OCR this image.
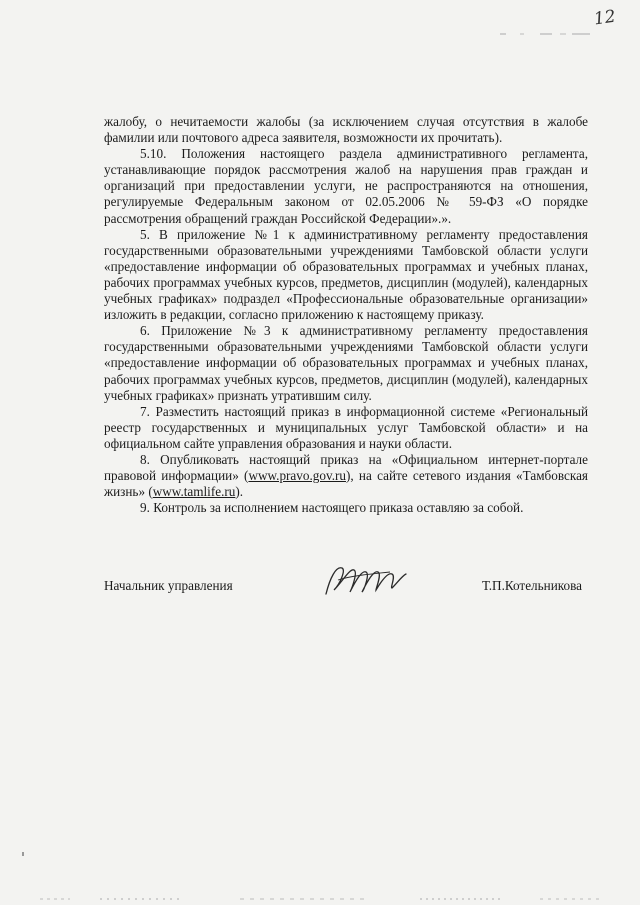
12

жалобу, о нечитаемости жалобы (за исключением случая отсутствия в жалобе фамилии или почтового адреса заявителя, возможности их прочитать).

5.10. Положения настоящего раздела административного регламента, устанавливающие порядок рассмотрения жалоб на нарушения прав граждан и организаций при предоставлении услуги, не распространяются на отношения, регулируемые Федеральным законом от 02.05.2006 № 59-ФЗ «О порядке рассмотрения обращений граждан Российской Федерации».».

5. В приложение №1 к административному регламенту предоставления государственными образовательными учреждениями Тамбовской области услуги «предоставление информации об образовательных программах и учебных планах, рабочих программах учебных курсов, предметов, дисциплин (модулей), календарных учебных графиках» подраздел «Профессиональные образовательные организации» изложить в редакции, согласно приложению к настоящему приказу.

6. Приложение №3 к административному регламенту предоставления государственными образовательными учреждениями Тамбовской области услуги «предоставление информации об образовательных программах и учебных планах, рабочих программах учебных курсов, предметов, дисциплин (модулей), календарных учебных графиках» признать утратившим силу.

7. Разместить настоящий приказ в информационной системе «Региональный реестр государственных и муниципальных услуг Тамбовской области» и на официальном сайте управления образования и науки области.

8. Опубликовать настоящий приказ на «Официальном интернет-портале правовой информации» (www.pravo.gov.ru), на сайте сетевого издания «Тамбовская жизнь» (www.tamlife.ru).

9. Контроль за исполнением настоящего приказа оставляю за собой.

Начальник управления	Т.П.Котельникова
